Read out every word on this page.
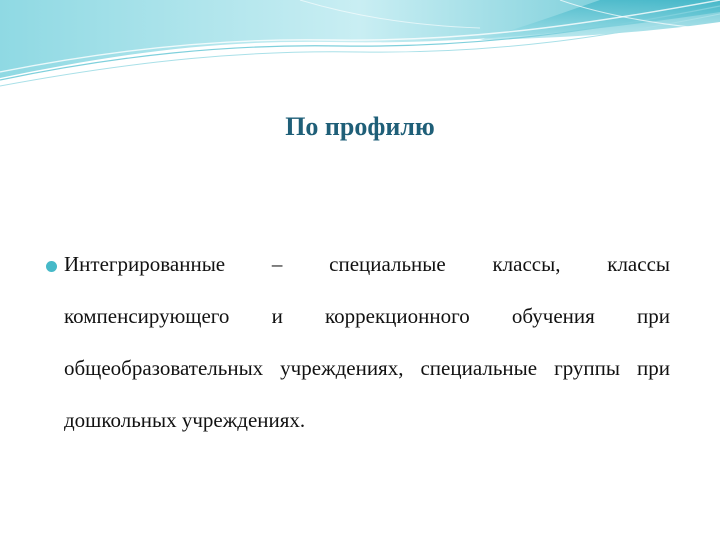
По профилю

Интегрированные – специальные классы, классы компенсирующего и коррекционного обучения при общеобразовательных учреждениях, специальные группы при дошкольных учреждениях.
